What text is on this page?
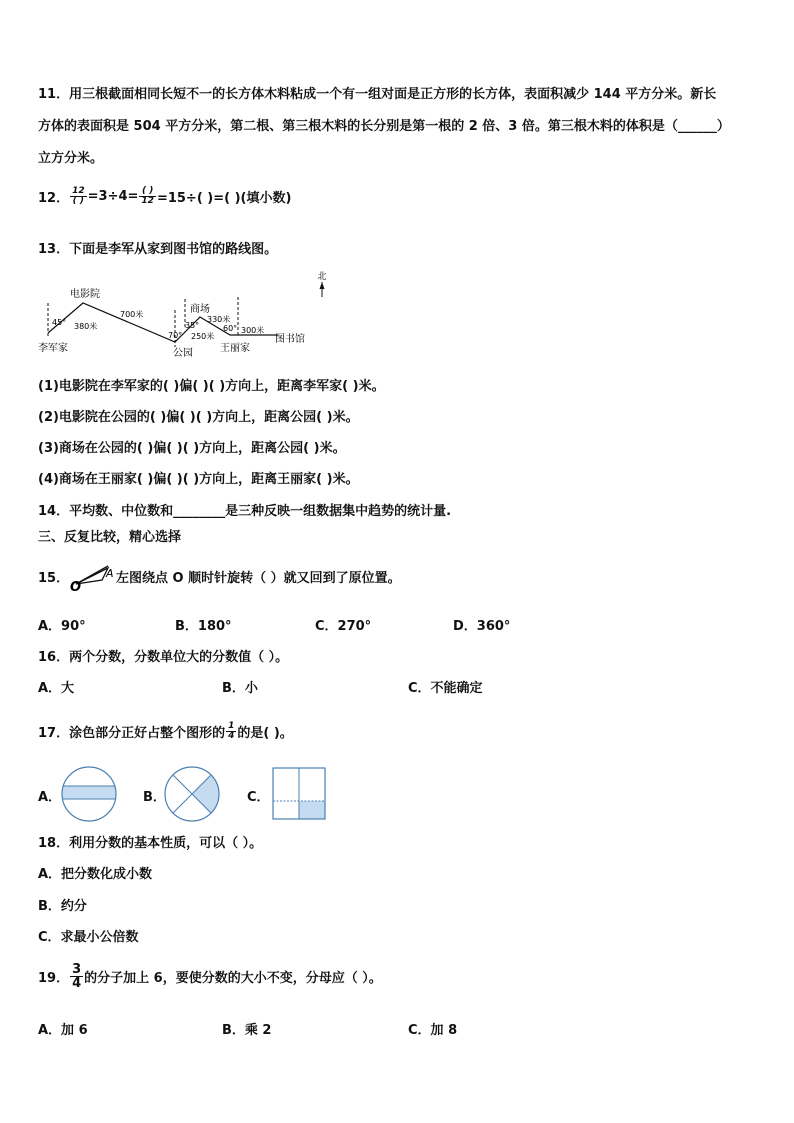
11．用三根截面相同长短不一的长方体木料粘成一个有一组对面是正方形的长方体，表面积减少 144 平方分米。新长
方体的表面积是 504 平方分米，第二根、第三根木料的长分别是第一根的 2 倍、3 倍。第三根木料的体积是（______）
立方分米。
12． $\frac{12}{( )} =3\div 4= \frac{( )}{12} =15\div$( )=( )(填小数)
13．下面是李军从家到图书馆的路线图。
北
李军家
电影院
公园
商场
王丽家
图书馆
45° 380米
700米
70°
35°
250米
330米
60° 300米
(1)电影院在李军家的( )偏( )( )方向上，距离李军家( )米。
(2)电影院在公园的( )偏( )( )方向上，距离公园( )米。
(3)商场在公园的( )偏( )( )方向上，距离公园( )米。
(4)商场在王丽家( )偏( )( )方向上，距离王丽家( )米。
14．平均数、中位数和________是三种反映一组数据集中趋势的统计量.
三、反复比较，精心选择
15．
O
A 左图绕点 O 顺时针旋转（ ）就又回到了原位置。
A．90°	B．180°	C．270°	D．360°
16．两个分数，分数单位大的分数值（ ）。
A．大	B．小	C．不能确定
17．涂色部分正好占整个图形的 $\frac{1}{4}$ 的是( )。
A．	B．	C．
18．利用分数的基本性质，可以（ ）。
A．把分数化成小数
B．约分
C．求最小公倍数
19． $\frac{3}{4}$ 的分子加上 6，要使分数的大小不变，分母应（ ）。
A．加 6	B．乘 2	C．加 8
